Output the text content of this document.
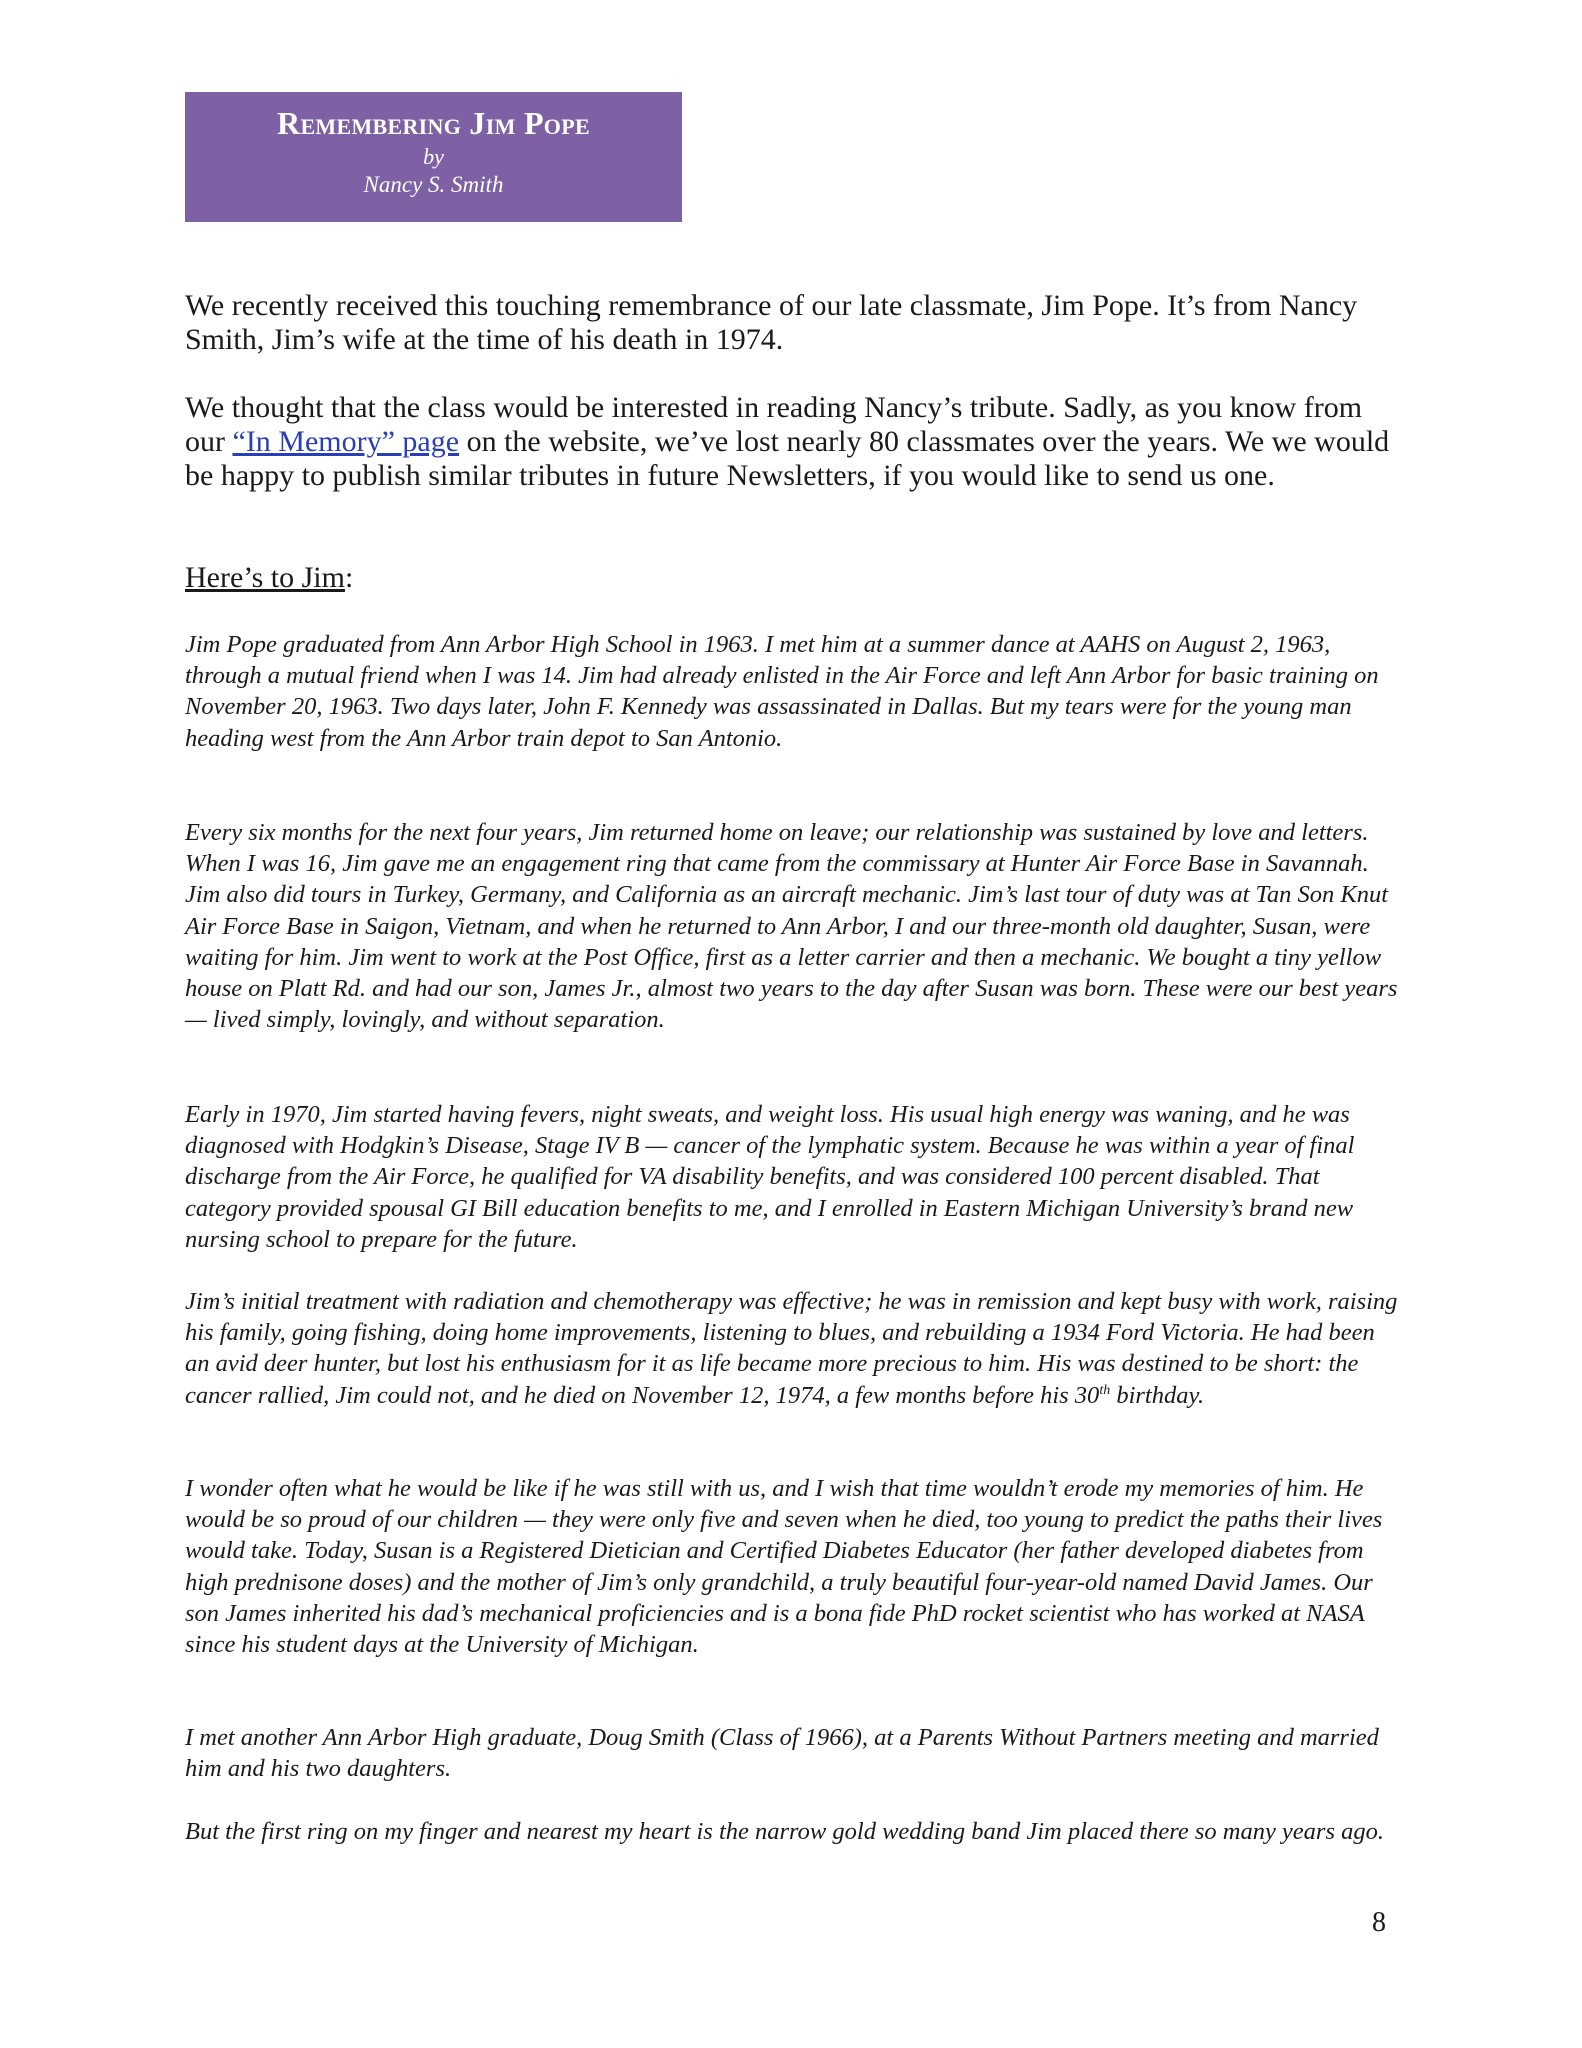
Remembering Jim Pope
by
Nancy S. Smith

We recently received this touching remembrance of our late classmate, Jim Pope. It’s from Nancy Smith, Jim’s wife at the time of his death in 1974.

We thought that the class would be interested in reading Nancy’s tribute. Sadly, as you know from our “In Memory” page on the website, we’ve lost nearly 80 classmates over the years. We we would be happy to publish similar tributes in future Newsletters, if you would like to send us one.

Here’s to Jim:

Jim Pope graduated from Ann Arbor High School in 1963. I met him at a summer dance at AAHS on August 2, 1963, through a mutual friend when I was 14. Jim had already enlisted in the Air Force and left Ann Arbor for basic training on November 20, 1963. Two days later, John F. Kennedy was assassinated in Dallas. But my tears were for the young man heading west from the Ann Arbor train depot to San Antonio.

Every six months for the next four years, Jim returned home on leave; our relationship was sustained by love and letters. When I was 16, Jim gave me an engagement ring that came from the commissary at Hunter Air Force Base in Savannah. Jim also did tours in Turkey, Germany, and California as an aircraft mechanic. Jim’s last tour of duty was at Tan Son Knut Air Force Base in Saigon, Vietnam, and when he returned to Ann Arbor, I and our three-month old daughter, Susan, were waiting for him. Jim went to work at the Post Office, first as a letter carrier and then a mechanic. We bought a tiny yellow house on Platt Rd. and had our son, James Jr., almost two years to the day after Susan was born. These were our best years — lived simply, lovingly, and without separation.

Early in 1970, Jim started having fevers, night sweats, and weight loss. His usual high energy was waning, and he was diagnosed with Hodgkin’s Disease, Stage IV B — cancer of the lymphatic system. Because he was within a year of final discharge from the Air Force, he qualified for VA disability benefits, and was considered 100 percent disabled. That category provided spousal GI Bill education benefits to me, and I enrolled in Eastern Michigan University’s brand new nursing school to prepare for the future.

Jim’s initial treatment with radiation and chemotherapy was effective; he was in remission and kept busy with work, raising his family, going fishing, doing home improvements, listening to blues, and rebuilding a 1934 Ford Victoria. He had been an avid deer hunter, but lost his enthusiasm for it as life became more precious to him. His was destined to be short: the cancer rallied, Jim could not, and he died on November 12, 1974, a few months before his 30th birthday.

I wonder often what he would be like if he was still with us, and I wish that time wouldn’t erode my memories of him. He would be so proud of our children — they were only five and seven when he died, too young to predict the paths their lives would take. Today, Susan is a Registered Dietician and Certified Diabetes Educator (her father developed diabetes from high prednisone doses) and the mother of Jim’s only grandchild, a truly beautiful four-year-old named David James. Our son James inherited his dad’s mechanical proficiencies and is a bona fide PhD rocket scientist who has worked at NASA since his student days at the University of Michigan.

I met another Ann Arbor High graduate, Doug Smith (Class of 1966), at a Parents Without Partners meeting and married him and his two daughters.

But the first ring on my finger and nearest my heart is the narrow gold wedding band Jim placed there so many years ago.

8
